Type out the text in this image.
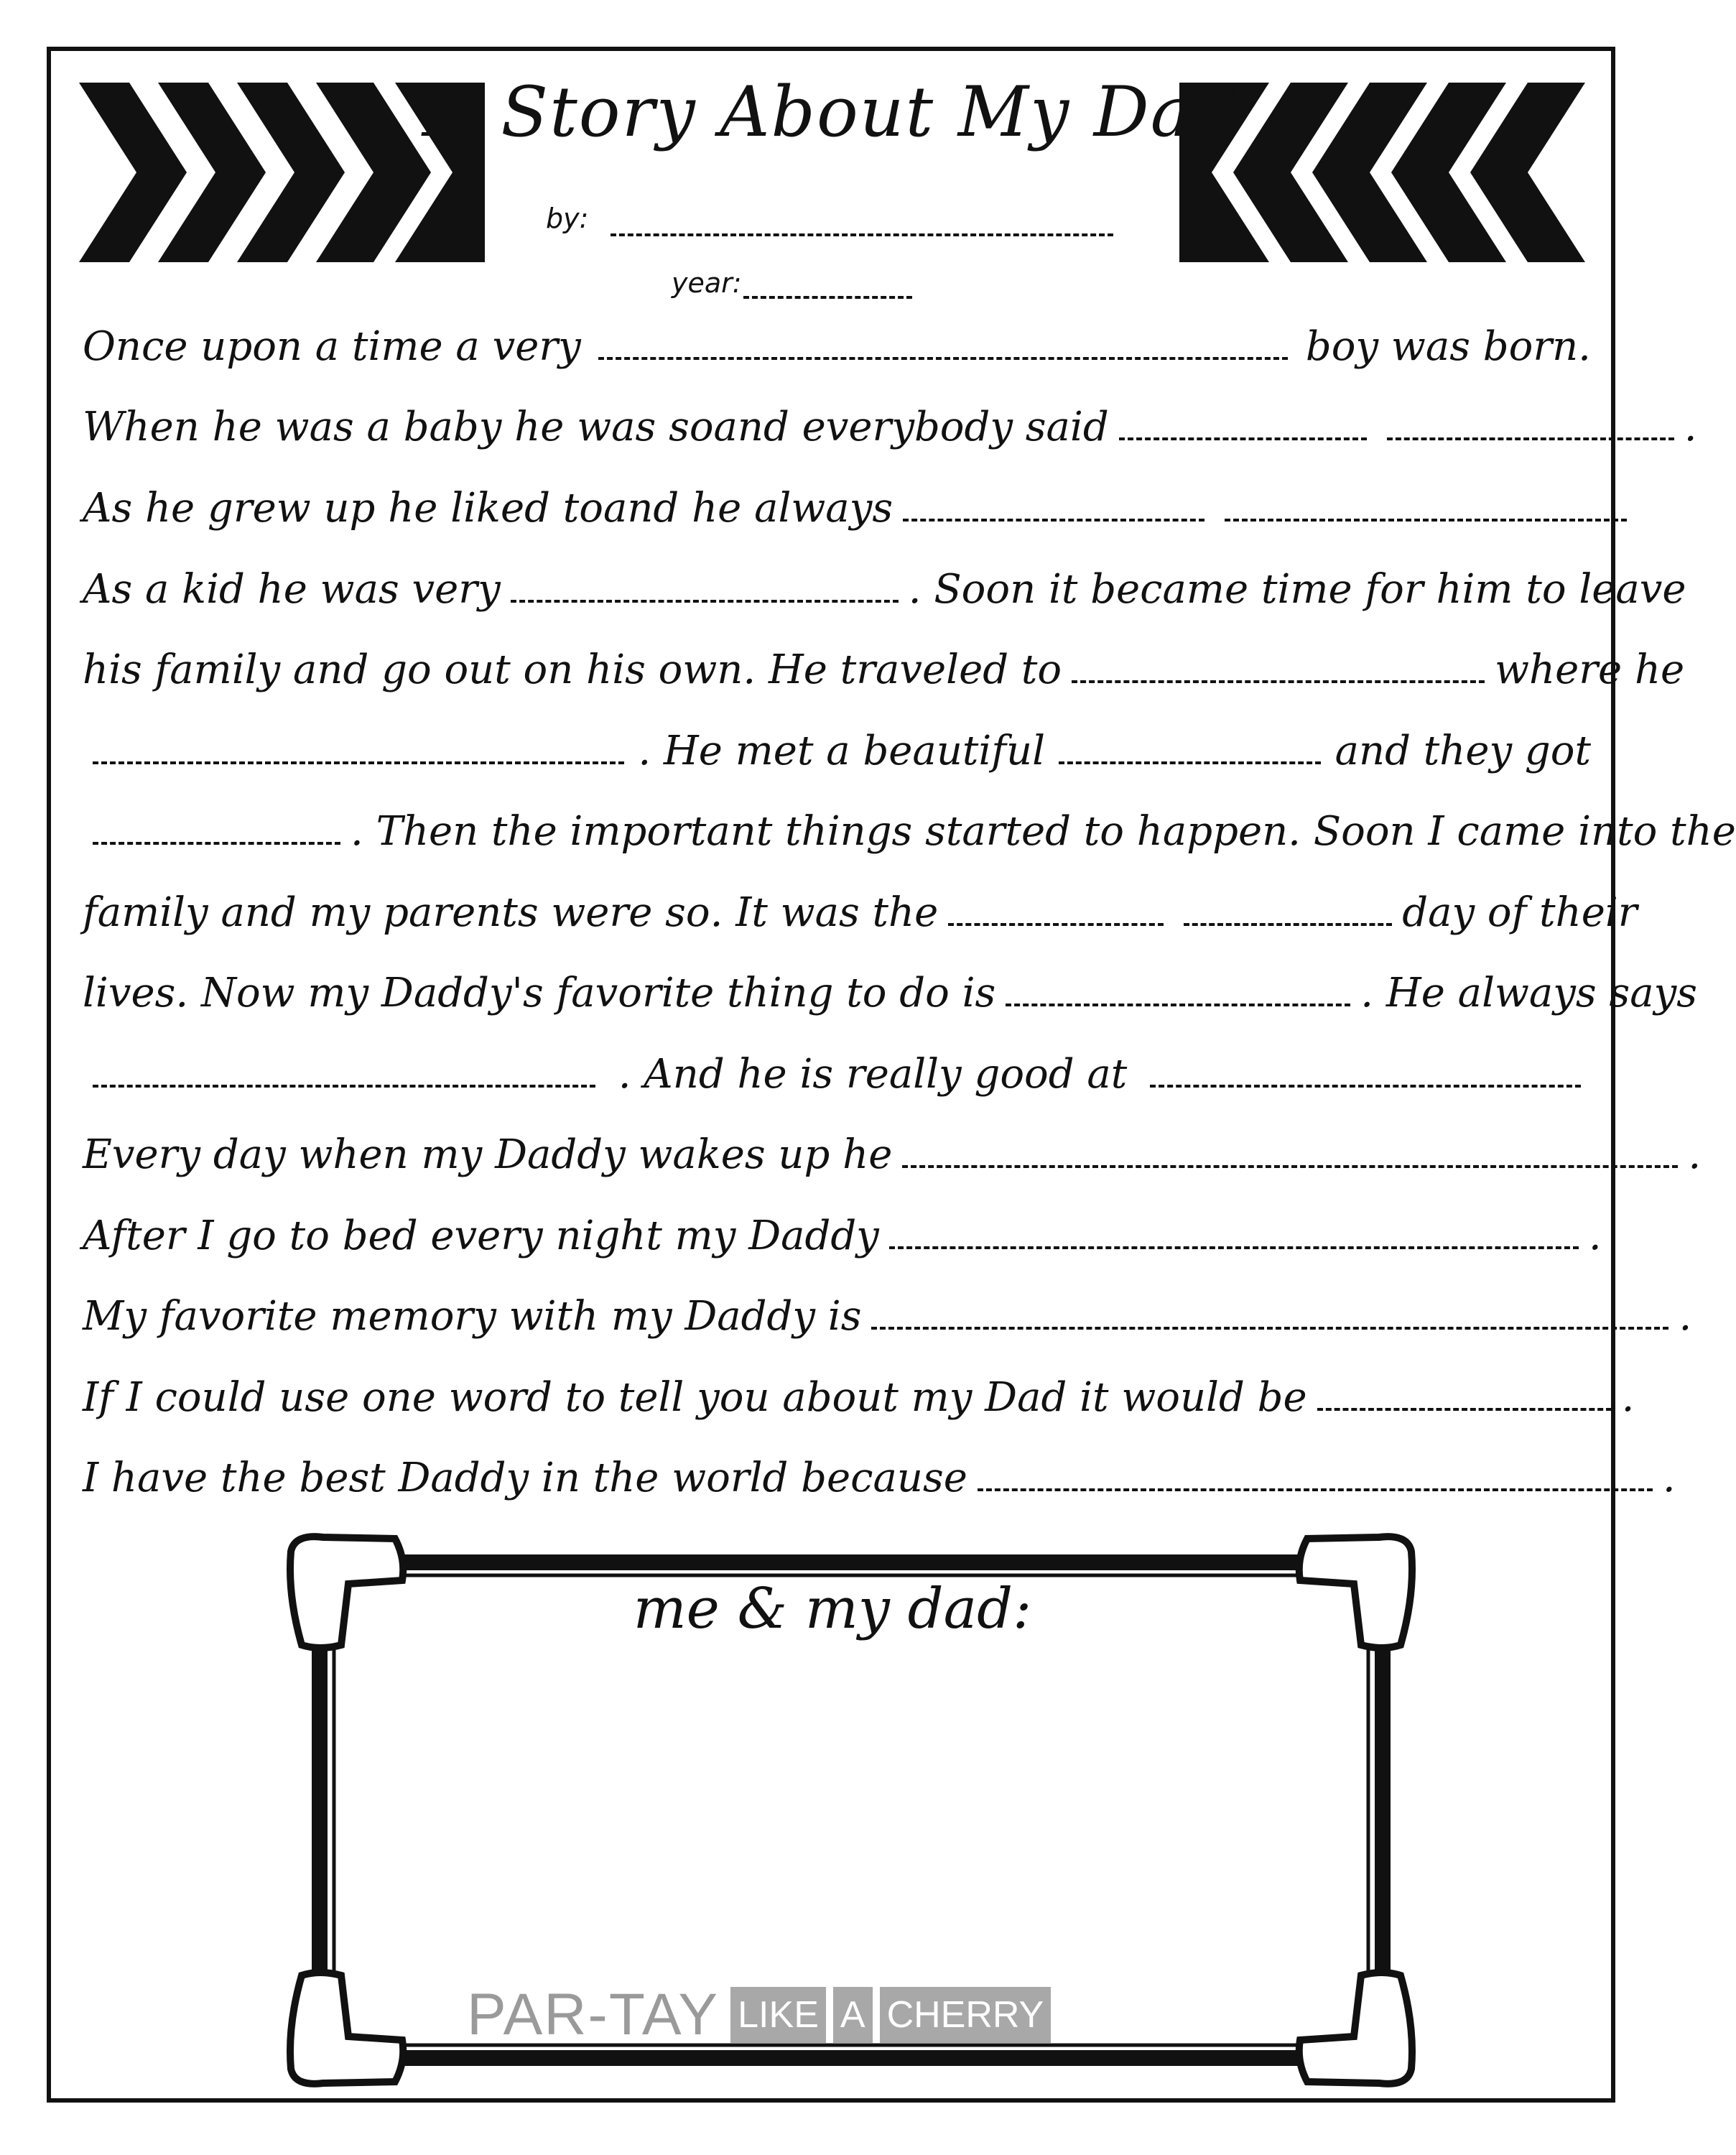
A Story About My Dad
by:
year:
Once upon a time a very	boy was born.
When he was a baby he was so and everybody said	.
As he grew up he liked to and he always
As a kid he was very	. Soon it became time for him to leave
his family and go out on his own. He traveled to	where he
. He met a beautiful	and they got
. Then the important things started to happen. Soon I came into the
family and my parents were so . It was the	day of their
lives. Now my Daddy's favorite thing to do is	. He always says
. And he is really good at
Every day when my Daddy wakes up he	.
After I go to bed every night my Daddy	.
My favorite memory with my Daddy is	.
If I could use one word to tell you about my Dad it would be	.
I have the best Daddy in the world because	.
me & my dad:
PAR-TAY LIKE A CHERRY
